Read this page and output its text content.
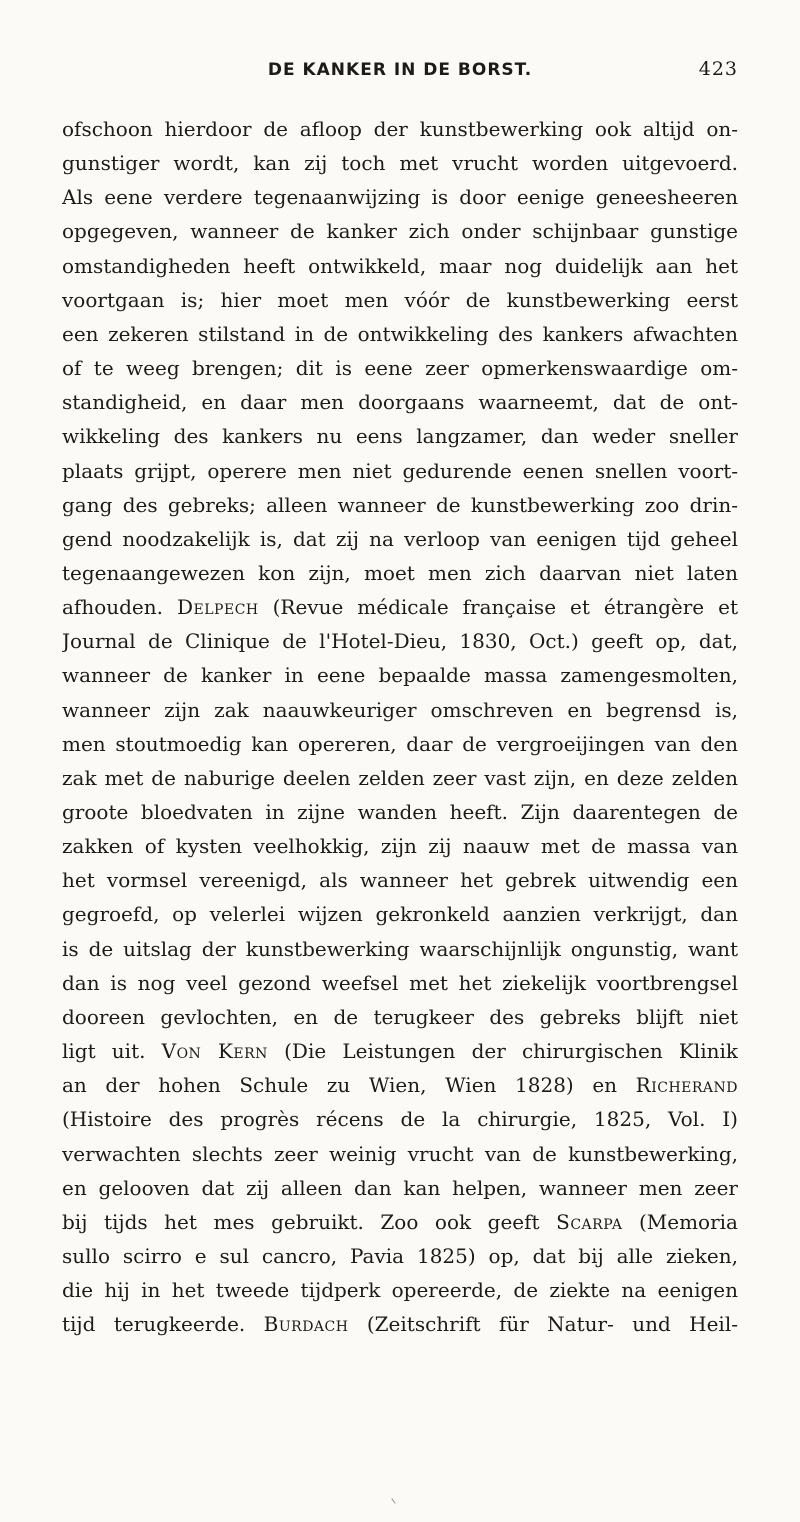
DE KANKER IN DE BORST.	423
ofschoon hierdoor de afloop der kunstbewerking ook altijd on-
gunstiger wordt, kan zij toch met vrucht worden uitgevoerd.
Als eene verdere tegenaanwijzing is door eenige geneesheeren
opgegeven, wanneer de kanker zich onder schijnbaar gunstige
omstandigheden heeft ontwikkeld, maar nog duidelijk aan het
voortgaan is; hier moet men vóór de kunstbewerking eerst
een zekeren stilstand in de ontwikkeling des kankers afwachten
of te weeg brengen; dit is eene zeer opmerkenswaardige om-
standigheid, en daar men doorgaans waarneemt, dat de ont-
wikkeling des kankers nu eens langzamer, dan weder sneller
plaats grijpt, operere men niet gedurende eenen snellen voort-
gang des gebreks; alleen wanneer de kunstbewerking zoo drin-
gend noodzakelijk is, dat zij na verloop van eenigen tijd geheel
tegenaangewezen kon zijn, moet men zich daarvan niet laten
afhouden. Delpech (Revue médicale française et étrangère et
Journal de Clinique de l'Hotel-Dieu, 1830, Oct.) geeft op, dat,
wanneer de kanker in eene bepaalde massa zamengesmolten,
wanneer zijn zak naauwkeuriger omschreven en begrensd is,
men stoutmoedig kan opereren, daar de vergroeijingen van den
zak met de naburige deelen zelden zeer vast zijn, en deze zelden
groote bloedvaten in zijne wanden heeft. Zijn daarentegen de
zakken of kysten veelhokkig, zijn zij naauw met de massa van
het vormsel vereenigd, als wanneer het gebrek uitwendig een
gegroefd, op velerlei wijzen gekronkeld aanzien verkrijgt, dan
is de uitslag der kunstbewerking waarschijnlijk ongunstig, want
dan is nog veel gezond weefsel met het ziekelijk voortbrengsel
dooreen gevlochten, en de terugkeer des gebreks blijft niet
ligt uit. Von Kern (Die Leistungen der chirurgischen Klinik
an der hohen Schule zu Wien, Wien 1828) en Richerand
(Histoire des progrès récens de la chirurgie, 1825, Vol. I)
verwachten slechts zeer weinig vrucht van de kunstbewerking,
en gelooven dat zij alleen dan kan helpen, wanneer men zeer
bij tijds het mes gebruikt. Zoo ook geeft Scarpa (Memoria
sullo scirro e sul cancro, Pavia 1825) op, dat bij alle zieken,
die hij in het tweede tijdperk opereerde, de ziekte na eenigen
tijd terugkeerde. Burdach (Zeitschrift für Natur- und Heil-
